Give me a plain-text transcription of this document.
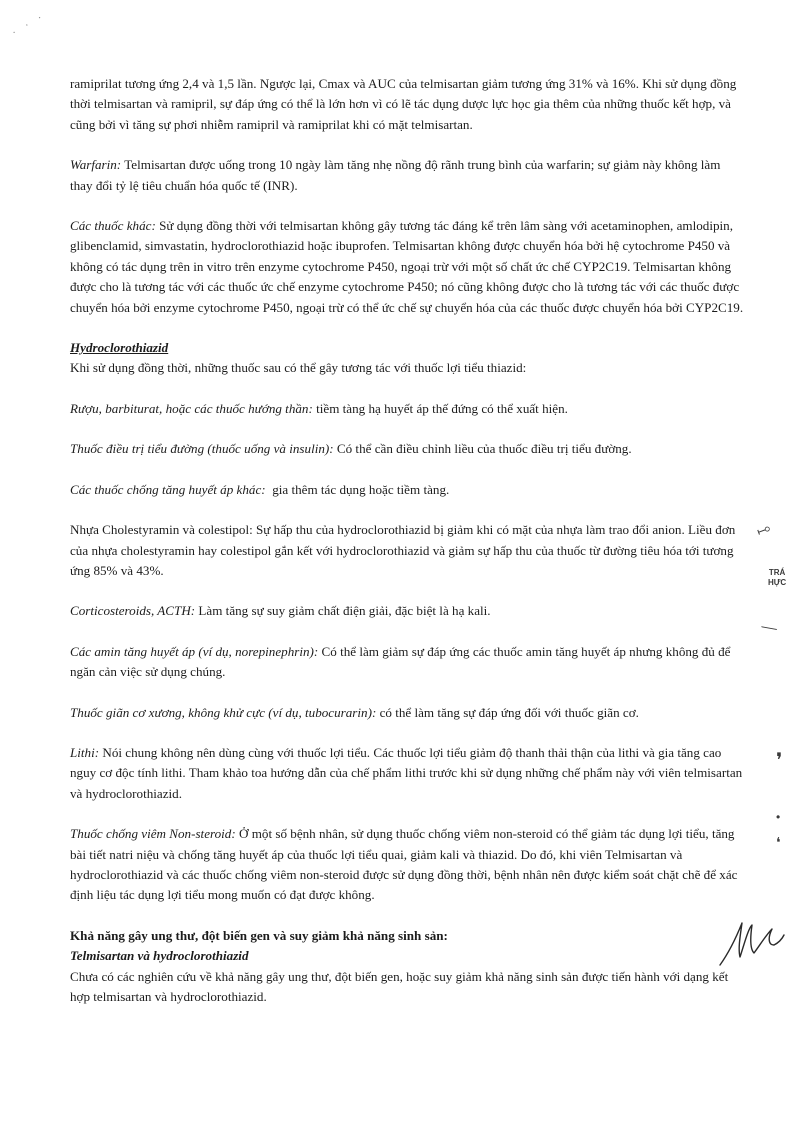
· · ·
⟟
TRÁ
HỰC
⟋
❜
•
❛

ramiprilat tương ứng 2,4 và 1,5 lần. Ngược lại, Cmax và AUC của telmisartan giảm tương ứng 31% và 16%. Khi sử dụng đồng thời telmisartan và ramipril, sự đáp ứng có thể là lớn hơn vì có lẽ tác dụng dược lực học gia thêm của những thuốc kết hợp, và cũng bởi vì tăng sự phơi nhiễm ramipril và ramiprilat khi có mặt telmisartan.

Warfarin: Telmisartan được uống trong 10 ngày làm tăng nhẹ nồng độ rãnh trung bình của warfarin; sự giảm này không làm thay đổi tỷ lệ tiêu chuẩn hóa quốc tế (INR).

Các thuốc khác: Sử dụng đồng thời với telmisartan không gây tương tác đáng kể trên lâm sàng với acetaminophen, amlodipin, glibenclamid, simvastatin, hydroclorothiazid hoặc ibuprofen. Telmisartan không được chuyển hóa bởi hệ cytochrome P450 và không có tác dụng trên in vitro trên enzyme cytochrome P450, ngoại trừ với một số chất ức chế CYP2C19. Telmisartan không được cho là tương tác với các thuốc ức chế enzyme cytochrome P450; nó cũng không được cho là tương tác với các thuốc được chuyển hóa bởi enzyme cytochrome P450, ngoại trừ có thể ức chế sự chuyển hóa của các thuốc được chuyển hóa bởi CYP2C19.

Hydroclorothiazid

Khi sử dụng đồng thời, những thuốc sau có thể gây tương tác với thuốc lợi tiểu thiazid:

Rượu, barbiturat, hoặc các thuốc hướng thần: tiềm tàng hạ huyết áp thế đứng có thể xuất hiện.

Thuốc điều trị tiểu đường (thuốc uống và insulin): Có thể cần điều chỉnh liều của thuốc điều trị tiểu đường.

Các thuốc chống tăng huyết áp khác:  gia thêm tác dụng hoặc tiềm tàng.

Nhựa Cholestyramin và colestipol: Sự hấp thu của hydroclorothiazid bị giảm khi có mặt của nhựa làm trao đổi anion. Liều đơn của nhựa cholestyramin hay colestipol gắn kết với hydroclorothiazid và giảm sự hấp thu của thuốc từ đường tiêu hóa tới tương ứng 85% và 43%.

Corticosteroids, ACTH: Làm tăng sự suy giảm chất điện giải, đặc biệt là hạ kali.

Các amin tăng huyết áp (ví dụ, norepinephrin): Có thể làm giảm sự đáp ứng các thuốc amin tăng huyết áp nhưng không đủ để ngăn cản việc sử dụng chúng.

Thuốc giãn cơ xương, không khử cực (ví dụ, tubocurarin): có thể làm tăng sự đáp ứng đối với thuốc giãn cơ.

Lithi: Nói chung không nên dùng cùng với thuốc lợi tiểu. Các thuốc lợi tiểu giảm độ thanh thải thận của lithi và gia tăng cao nguy cơ độc tính lithi. Tham khảo toa hướng dẫn của chế phẩm lithi trước khi sử dụng những chế phẩm này với viên telmisartan và hydroclorothiazid.

Thuốc chống viêm Non-steroid: Ở một số bệnh nhân, sử dụng thuốc chống viêm non-steroid có thể giảm tác dụng lợi tiểu, tăng bài tiết natri niệu và chống tăng huyết áp của thuốc lợi tiểu quai, giảm kali và thiazid. Do đó, khi viên Telmisartan và hydroclorothiazid và các thuốc chống viêm non-steroid được sử dụng đồng thời, bệnh nhân nên được kiểm soát chặt chẽ để xác định liệu tác dụng lợi tiểu mong muốn có đạt được không.

Khả năng gây ung thư, đột biến gen và suy giảm khả năng sinh sản:

Telmisartan và hydroclorothiazid

Chưa có các nghiên cứu về khả năng gây ung thư, đột biến gen, hoặc suy giảm khả năng sinh sản được tiến hành với dạng kết hợp telmisartan và hydroclorothiazid.
